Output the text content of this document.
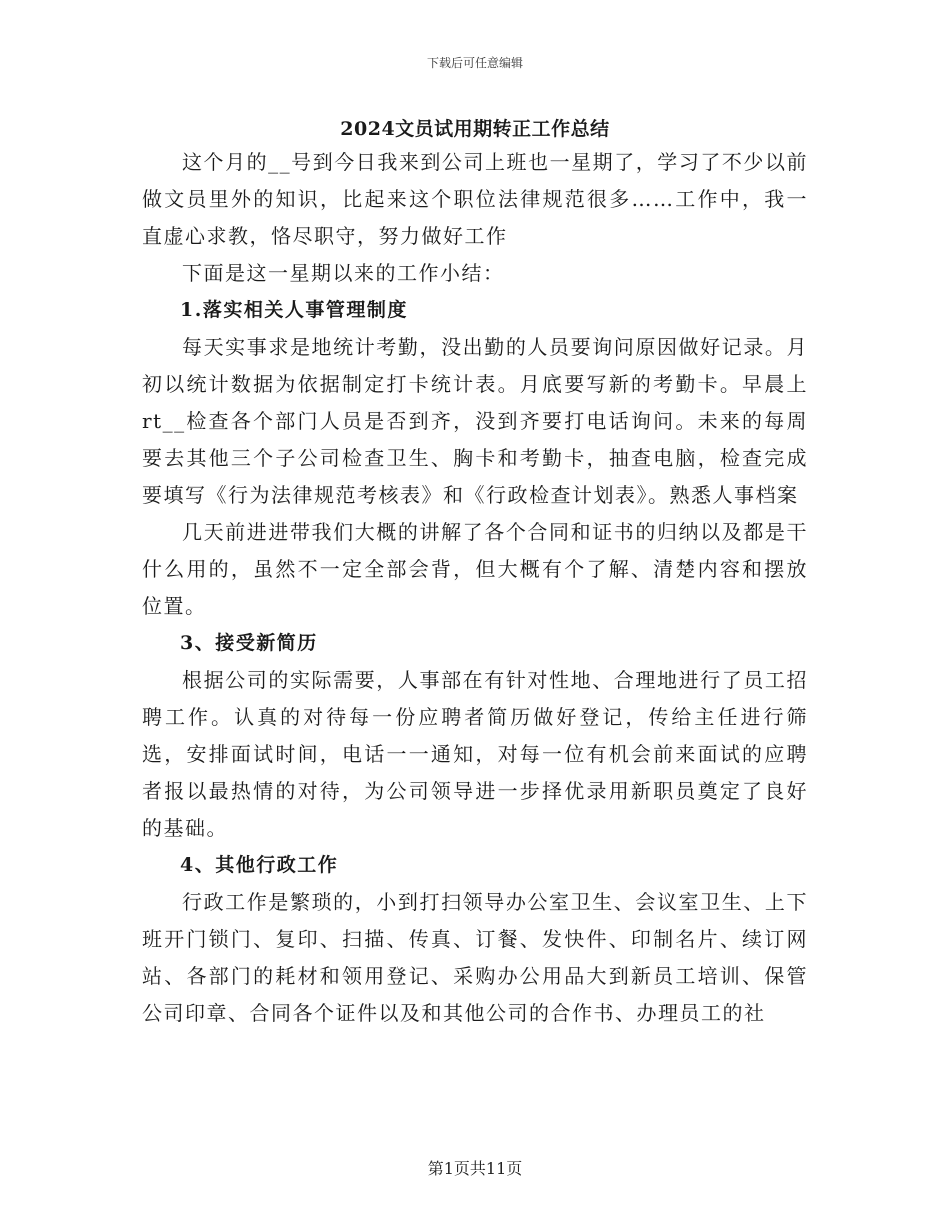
下载后可任意编辑
2024文员试用期转正工作总结

这个月的__号到今日我来到公司上班也一星期了，学习了不少以前做文员里外的知识，比起来这个职位法律规范很多……工作中，我一直虚心求教，恪尽职守，努力做好工作

下面是这一星期以来的工作小结：

1.落实相关人事管理制度

每天实事求是地统计考勤，没出勤的人员要询问原因做好记录。月初以统计数据为依据制定打卡统计表。月底要写新的考勤卡。早晨上rt__检查各个部门人员是否到齐，没到齐要打电话询问。未来的每周要去其他三个子公司检查卫生、胸卡和考勤卡，抽查电脑，检查完成要填写《行为法律规范考核表》和《行政检查计划表》。熟悉人事档案

几天前进进带我们大概的讲解了各个合同和证书的归纳以及都是干什么用的，虽然不一定全部会背，但大概有个了解、清楚内容和摆放位置。

3、接受新简历

根据公司的实际需要，人事部在有针对性地、合理地进行了员工招聘工作。认真的对待每一份应聘者简历做好登记，传给主任进行筛选，安排面试时间，电话一一通知，对每一位有机会前来面试的应聘者报以最热情的对待，为公司领导进一步择优录用新职员奠定了良好的基础。

4、其他行政工作

行政工作是繁琐的，小到打扫领导办公室卫生、会议室卫生、上下班开门锁门、复印、扫描、传真、订餐、发快件、印制名片、续订网站、各部门的耗材和领用登记、采购办公用品大到新员工培训、保管公司印章、合同各个证件以及和其他公司的合作书、办理员工的社

第1页共11页
